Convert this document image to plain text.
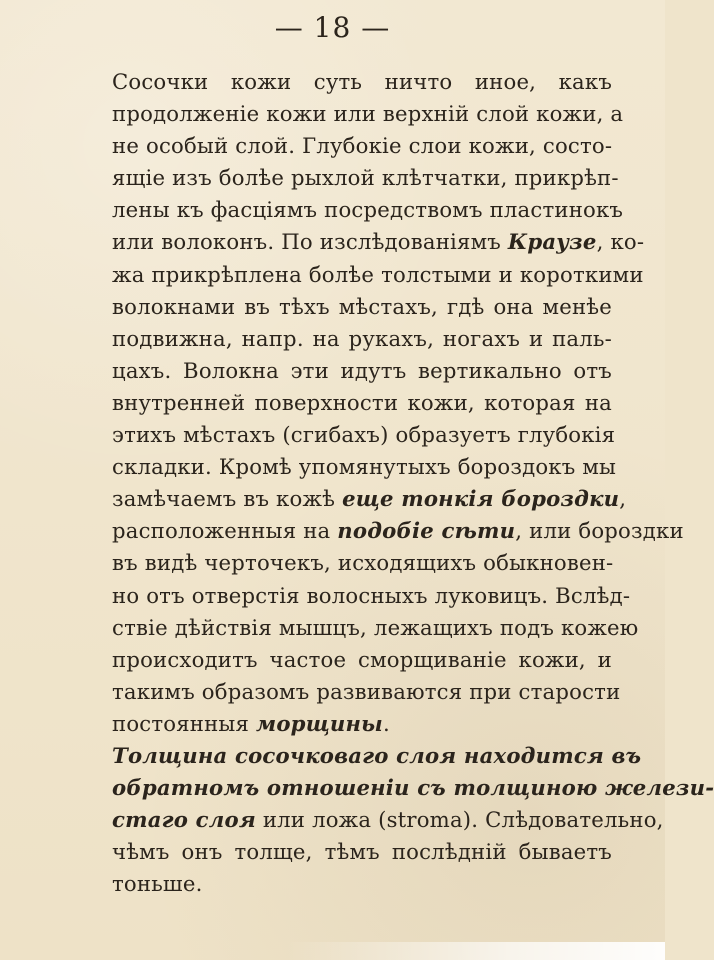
— 18 —
Сосочки кожи суть ничто иное, какъ
продолженіе кожи или верхній слой кожи, а
не особый слой. Глубокіе слои кожи, состо-
ящіе изъ болѣе рыхлой клѣтчатки, прикрѣп-
лены къ фасціямъ посредствомъ пластинокъ
или волоконъ. По изслѣдованіямъ Краузе, ко-
жа прикрѣплена болѣе толстыми и короткими
волокнами въ тѣхъ мѣстахъ, гдѣ она менѣе
подвижна, напр. на рукахъ, ногахъ и паль-
цахъ. Волокна эти идутъ вертикально отъ
внутренней поверхности кожи, которая на
этихъ мѣстахъ (сгибахъ) образуетъ глубокія
складки. Кромѣ упомянутыхъ бороздокъ мы
замѣчаемъ въ кожѣ еще тонкія бороздки,
расположенныя на подобіе сѣти, или бороздки
въ видѣ черточекъ, исходящихъ обыкновен-
но отъ отверстія волосныхъ луковицъ. Вслѣд-
ствіе дѣйствія мышцъ, лежащихъ подъ кожею
происходитъ частое сморщиваніе кожи, и
такимъ образомъ развиваются при старости
постоянныя морщины.
Толщина сосочковаго слоя находится въ
обратномъ отношеніи съ толщиною желези-
стаго слоя или ложа (stroma). Слѣдовательно,
чѣмъ онъ толще, тѣмъ послѣдній бываетъ
тоньше.
